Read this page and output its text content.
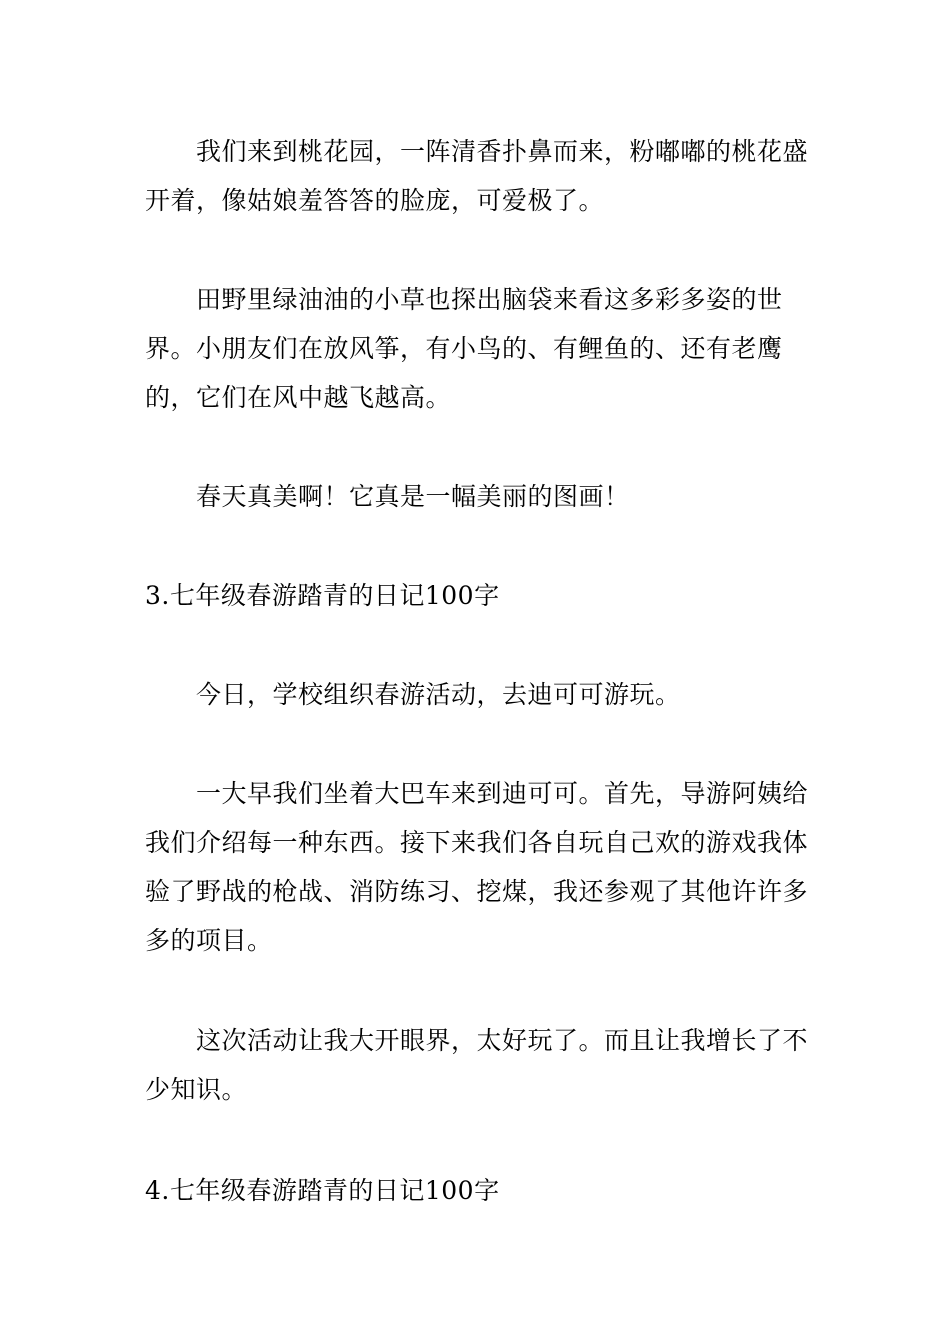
我们来到桃花园，一阵清香扑鼻而来，粉嘟嘟的桃花盛开着，像姑娘羞答答的脸庞，可爱极了。

田野里绿油油的小草也探出脑袋来看这多彩多姿的世界。小朋友们在放风筝，有小鸟的、有鲤鱼的、还有老鹰的，它们在风中越飞越高。

春天真美啊！它真是一幅美丽的图画！

3.七年级春游踏青的日记100字

今日，学校组织春游活动，去迪可可游玩。

一大早我们坐着大巴车来到迪可可。首先，导游阿姨给我们介绍每一种东西。接下来我们各自玩自己欢的游戏我体验了野战的枪战、消防练习、挖煤，我还参观了其他许许多多的项目。

这次活动让我大开眼界，太好玩了。而且让我增长了不少知识。

4.七年级春游踏青的日记100字
